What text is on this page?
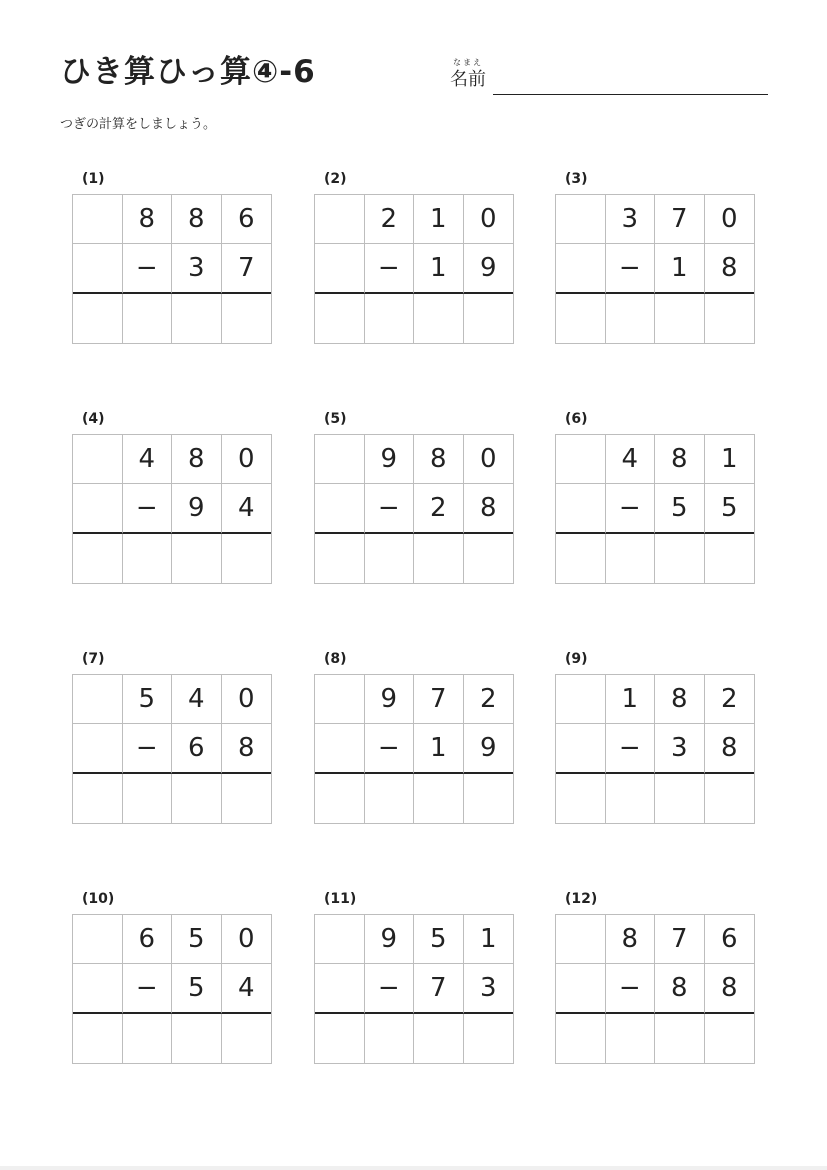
ひき算ひっ算④-6	なまえ
名前
つぎの計算をしましょう。
(1)
8	8	6
−	3	7
(2)
2	1	0
−	1	9
(3)
3	7	0
−	1	8
(4)
4	8	0
−	9	4
(5)
9	8	0
−	2	8
(6)
4	8	1
−	5	5
(7)
5	4	0
−	6	8
(8)
9	7	2
−	1	9
(9)
1	8	2
−	3	8
(10)
6	5	0
−	5	4
(11)
9	5	1
−	7	3
(12)
8	7	6
−	8	8
